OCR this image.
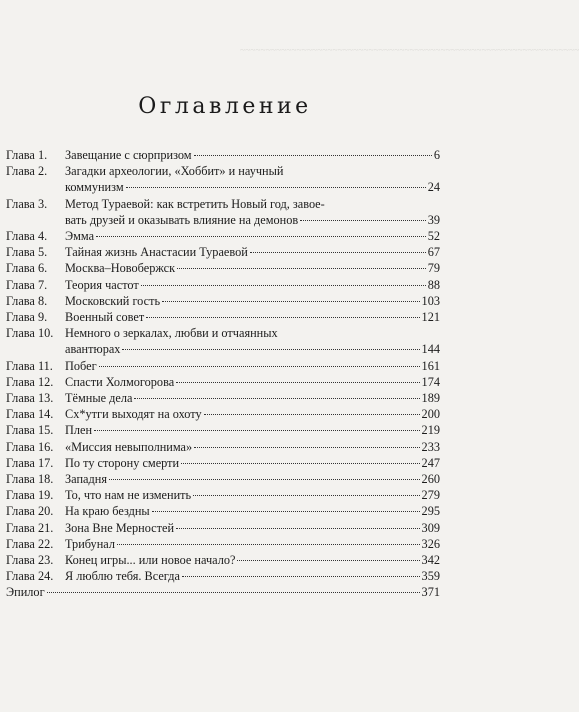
~~~~~~~~~~~~~~~~~~~~~~~~~~~~~~~~~~~~~~~~~~~~~~~~~~~~~~~~~~~~~~~~~~
Оглавление
Глава 1.	Завещание с сюрпризом	6
Глава 2.	Загадки археологии, «Хоббит» и научный
коммунизм	24
Глава 3.	Метод Тураевой: как встретить Новый год, завоe-
вать друзей и оказывать влияние на демонов	39
Глава 4.	Эмма	52
Глава 5.	Тайная жизнь Анастасии Тураевой	67
Глава 6.	Москва–Новобержск	79
Глава 7.	Теория частот	88
Глава 8.	Московский гость	103
Глава 9.	Военный совет	121
Глава 10. Немного о зеркалах, любви и отчаянных
авантюрах	144
Глава 11. Побег	161
Глава 12. Спасти Холмогорова	174
Глава 13. Тёмные дела	189
Глава 14. Сх*утги выходят на охоту	200
Глава 15. Плен	219
Глава 16. «Миссия невыполнима»	233
Глава 17. По ту сторону смерти	247
Глава 18. Западня	260
Глава 19. То, что нам не изменить	279
Глава 20. На краю бездны	295
Глава 21. Зона Вне Мерностей	309
Глава 22. Трибунал	326
Глава 23. Конец игры... или новое начало?	342
Глава 24. Я люблю тебя. Всегда	359
Эпилог	371
